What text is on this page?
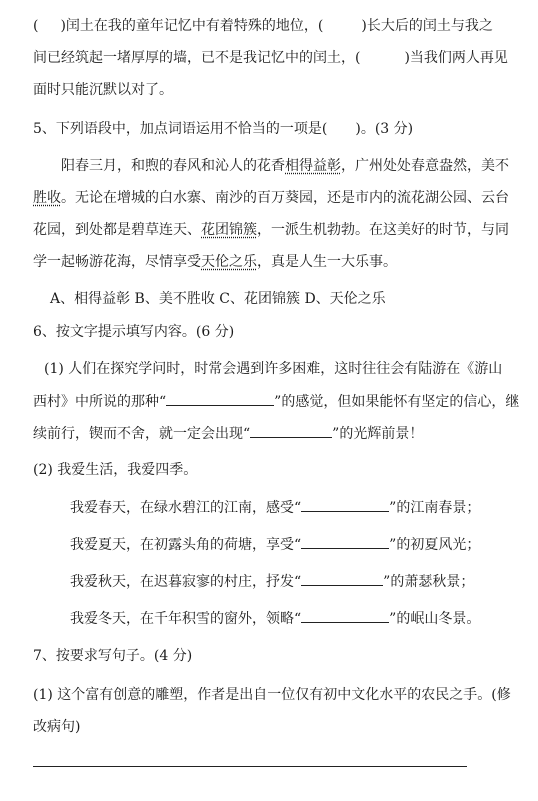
( )闰土在我的童年记忆中有着特殊的地位，(	)长大后的闰土与我之
间已经筑起一堵厚厚的墙，已不是我记忆中的闰土，(	)当我们两人再见
面时只能沉默以对了。
5、下列语段中，加点词语运用不恰当的一项是(　　)。(3 分)
阳春三月，和煦的春风和沁人的花香相得益彰，广州处处春意盎然，美不
胜收。无论在增城的白水寨、南沙的百万葵园，还是市内的流花湖公园、云台
花园，到处都是碧草连天、花团锦簇，一派生机勃勃。在这美好的时节，与同
学一起畅游花海，尽情享受天伦之乐，真是人生一大乐事。
A、相得益彰 B、美不胜收 C、花团锦簇 D、天伦之乐
6、按文字提示填写内容。(6 分)
(1) 人们在探究学问时，时常会遇到许多困难，这时往往会有陆游在《游山
西村》中所说的那种“	”的感觉，但如果能怀有坚定的信心，继
续前行，锲而不舍，就一定会出现“	”的光辉前景！
(2) 我爱生活，我爱四季。
我爱春天，在绿水碧江的江南，感受“	”的江南春景；
我爱夏天，在初露头角的荷塘，享受“	”的初夏风光；
我爱秋天，在迟暮寂寥的村庄，抒发“	”的萧瑟秋景；
我爱冬天，在千年积雪的窗外，领略“	”的岷山冬景。
7、按要求写句子。(4 分)
(1) 这个富有创意的雕塑，作者是出自一位仅有初中文化水平的农民之手。(修
改病句)
